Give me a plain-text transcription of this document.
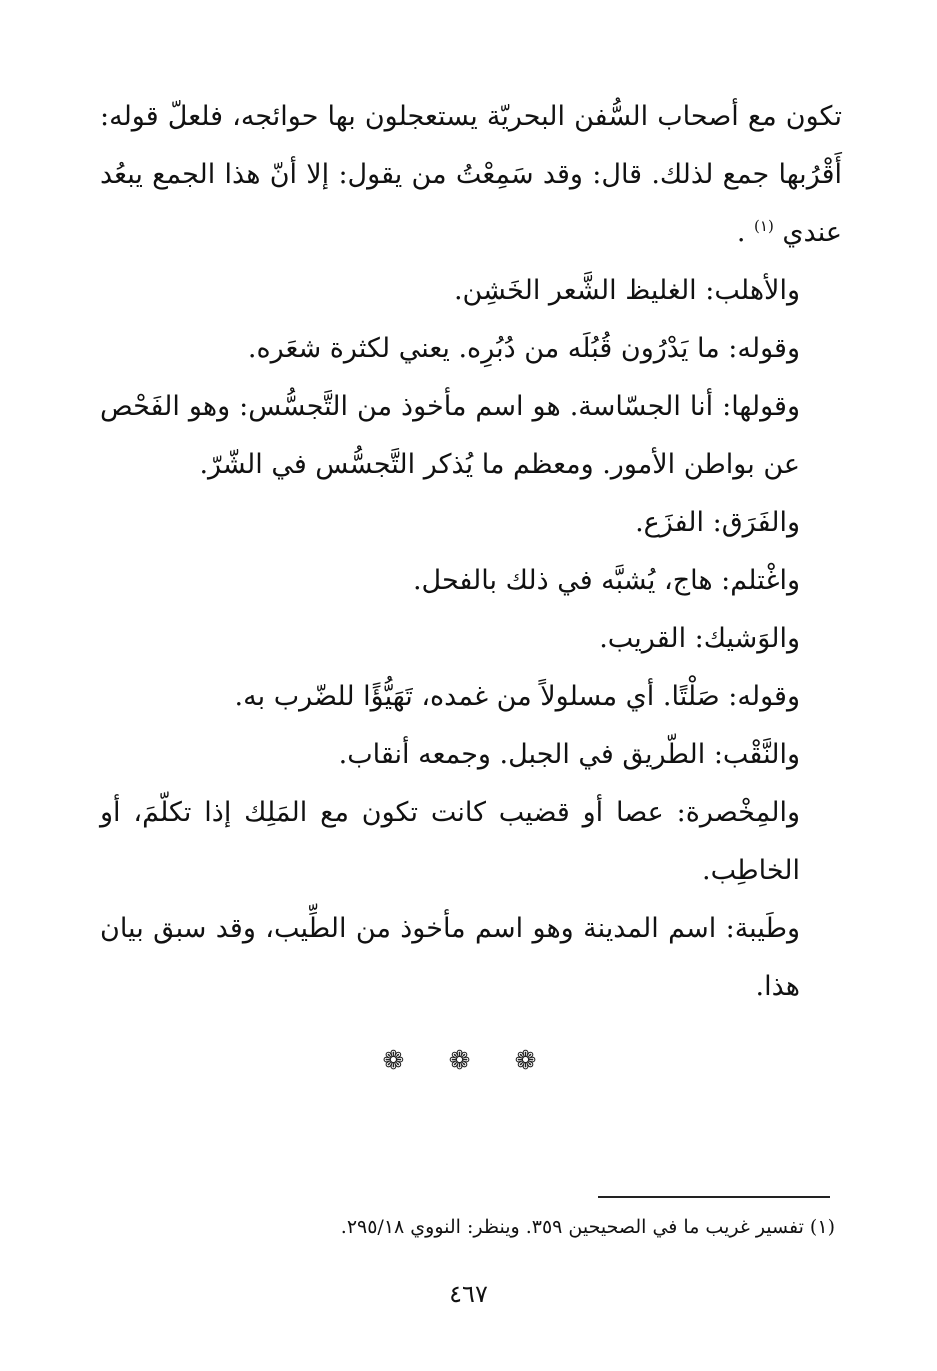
تكون مع أصحاب السُّفن البحريّة يستعجلون بها حوائجه، فلعلّ قوله: أَقْرُبها جمع لذلك. قال: وقد سَمِعْتُ من يقول: إلا أنّ هذا الجمع يبعُد عندي $^{(١)}$ .

والأهلب: الغليظ الشَّعر الخَشِن.

وقوله: ما يَدْرُون قُبُلَه من دُبُرِه. يعني لكثرة شعَره.

وقولها: أنا الجسّاسة. هو اسم مأخوذ من التَّجسُّس: وهو الفَحْص عن بواطن الأمور. ومعظم ما يُذكر التَّجسُّس في الشّرّ.

والفَرَق: الفزَع.

واغْتلم: هاج، يُشبَّه في ذلك بالفحل.

والوَشيك: القريب.

وقوله: صَلْتًا. أي مسلولاً من غمده، تَهَيُّؤًا للضّرب به.

والنَّقْب: الطّريق في الجبل. وجمعه أنقاب.

والمِخْصرة: عصا أو قضيب كانت تكون مع المَلِك إذا تكلّمَ، أو الخاطِب.

وطَيبة: اسم المدينة وهو اسم مأخوذ من الطِّيب، وقد سبق بيان هذا.

❁ ❁ ❁
(١) تفسير غريب ما في الصحيحين ٣٥٩. وينظر: النووي ٢٩٥/١٨.
٤٦٧
